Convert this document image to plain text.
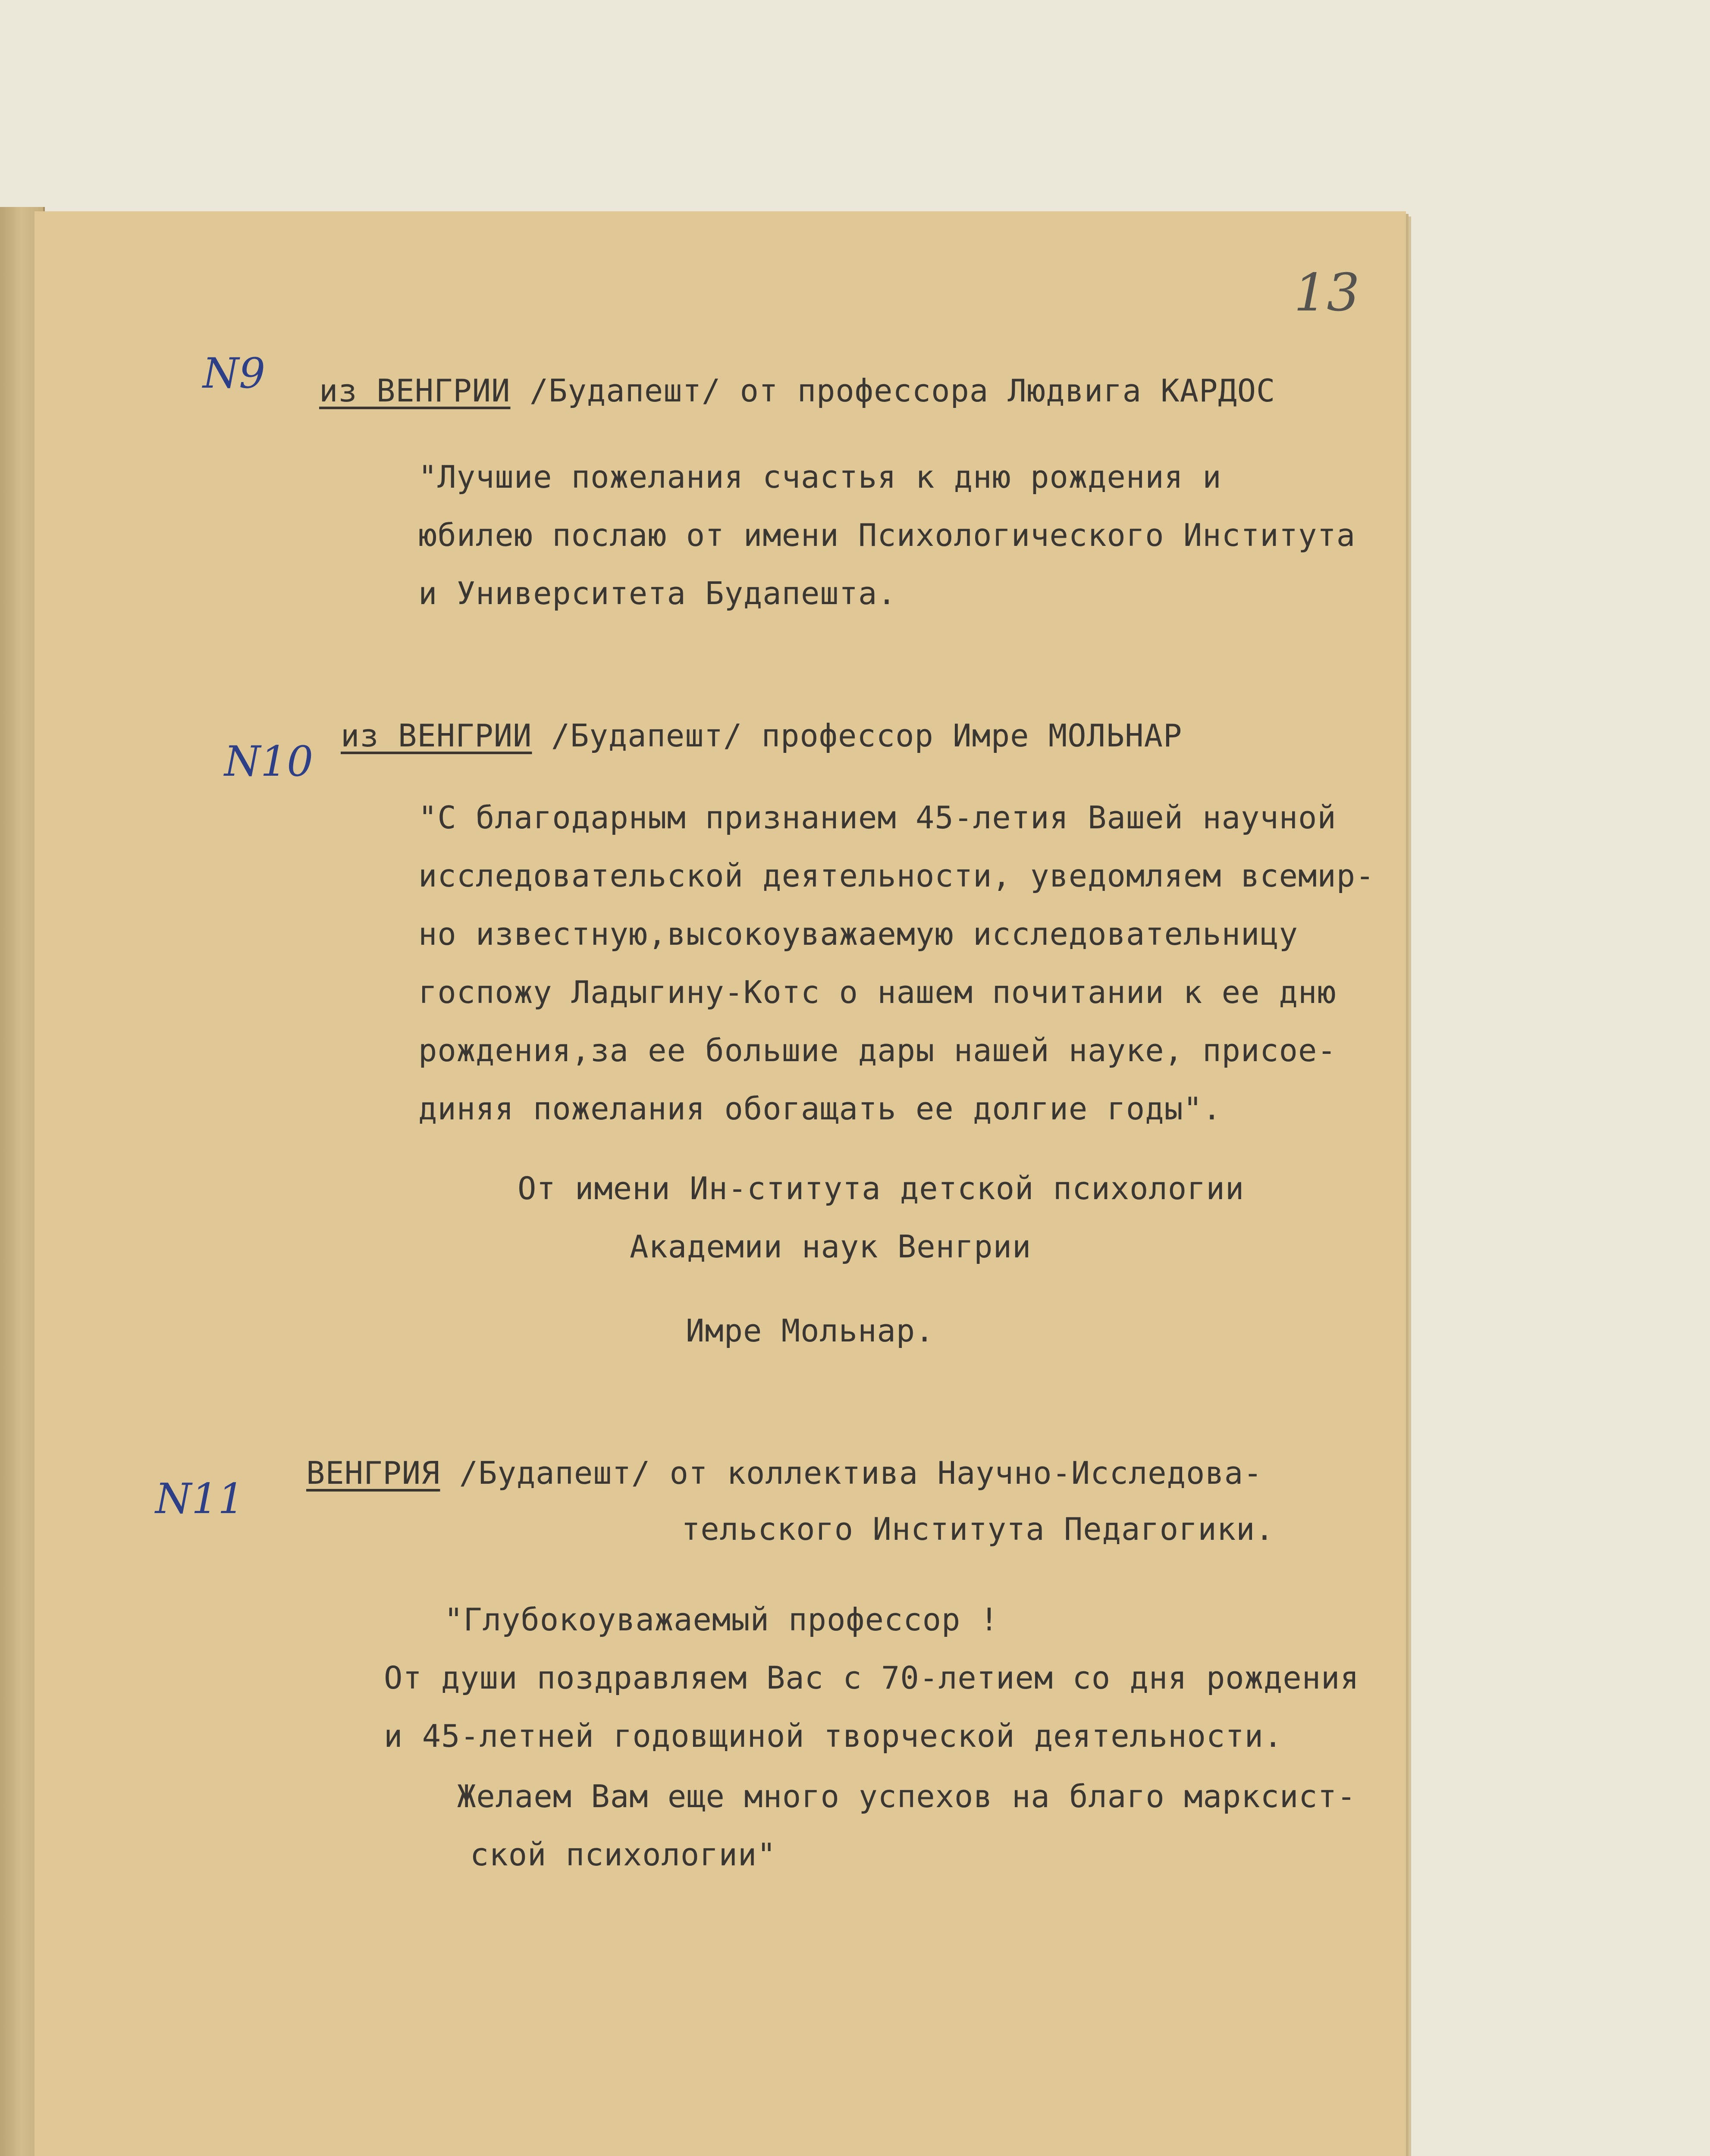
13
N9 из ВЕНГРИИ /Будапешт/ от профессора Людвига КАРДОС
"Лучшие пожелания счастья к дню рождения и
юбилею послаю от имени Психологического Института
и Университета Будапешта.
N10
из ВЕНГРИИ /Будапешт/ профессор Имре МОЛЬНАР
"С благодарным признанием 45-летия Вашей научной
исследовательской деятельности, уведомляем всемир-
но известную,высокоуважаемую исследовательницу
госпожу Ладыгину-Котс о нашем почитании к ее дню
рождения,за ее большие дары нашей науке, присое-
диняя пожелания обогащать ее долгие годы".
От имени Ин-ститута детской психологии
Академии наук Венгрии
Имре Мольнар.
N11
ВЕНГРИЯ /Будапешт/ от коллектива Научно-Исследова-
тельского Института Педагогики.
"Глубокоуважаемый профессор !
От души поздравляем Вас с 70-летием со дня рождения
и 45-летней годовщиной творческой деятельности.
Желаем Вам еще много успехов на благо марксист-
ской психологии"
